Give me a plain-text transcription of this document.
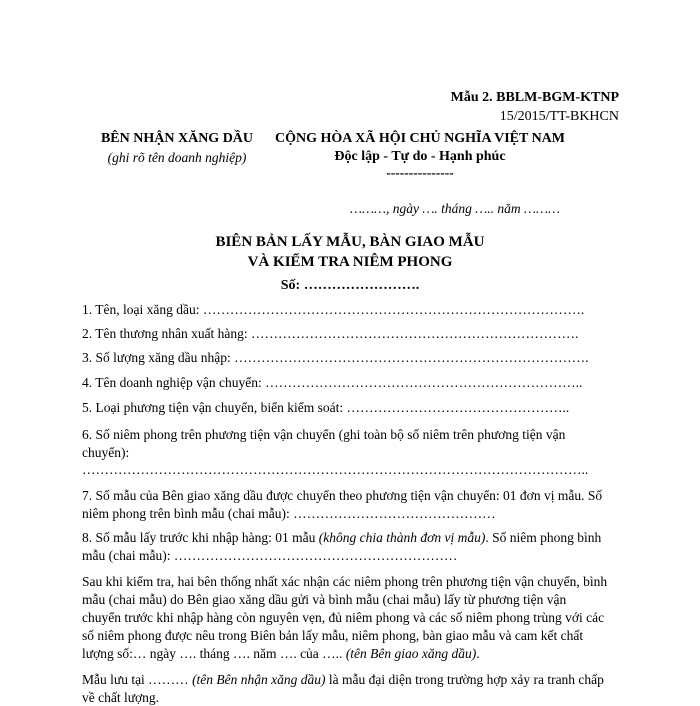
Mẫu 2. BBLM-BGM-KTNP
15/2015/TT-BKHCN
BÊN NHẬN XĂNG DẦU
(ghi rõ tên doanh nghiệp)
CỘNG HÒA XÃ HỘI CHỦ NGHĨA VIỆT NAM
Độc lập - Tự do - Hạnh phúc
---------------
………, ngày …. tháng ….. năm ………
BIÊN BẢN LẤY MẪU, BÀN GIAO MẪU
VÀ KIỂM TRA NIÊM PHONG
Số: …………………….
1. Tên, loại xăng dầu: ………………………………………………………………………….
2. Tên thương nhân xuất hàng: ……………………………………………………………….
3. Số lượng xăng dầu nhập: …………………………………………………………………….
4. Tên doanh nghiệp vận chuyển: ……………………………………………………………..
5. Loại phương tiện vận chuyển, biển kiểm soát: …………………………………………..
6. Số niêm phong trên phương tiện vận chuyển (ghi toàn bộ số niêm trên phương tiện vận
chuyển):
…………………………………………………………………………………………………..
7. Số mẫu của Bên giao xăng dầu được chuyển theo phương tiện vận chuyển: 01 đơn vị mẫu. Số
niêm phong trên bình mẫu (chai mẫu): ………………………………………
8. Số mẫu lấy trước khi nhập hàng: 01 mẫu (không chia thành đơn vị mẫu). Số niêm phong bình
mẫu (chai mẫu): ………………………………………………………
Sau khi kiểm tra, hai bên thống nhất xác nhận các niêm phong trên phương tiện vận chuyển, bình
mẫu (chai mẫu) do Bên giao xăng dầu gửi và bình mẫu (chai mẫu) lấy từ phương tiện vận
chuyển trước khi nhập hàng còn nguyên vẹn, đủ niêm phong và các số niêm phong trùng với các
số niêm phong được nêu trong Biên bản lấy mẫu, niêm phong, bàn giao mẫu và cam kết chất
lượng số:… ngày …. tháng …. năm …. của ….. (tên Bên giao xăng dầu).
Mẫu lưu tại ……… (tên Bên nhận xăng dầu) là mẫu đại diện trong trường hợp xảy ra tranh chấp
về chất lượng.
